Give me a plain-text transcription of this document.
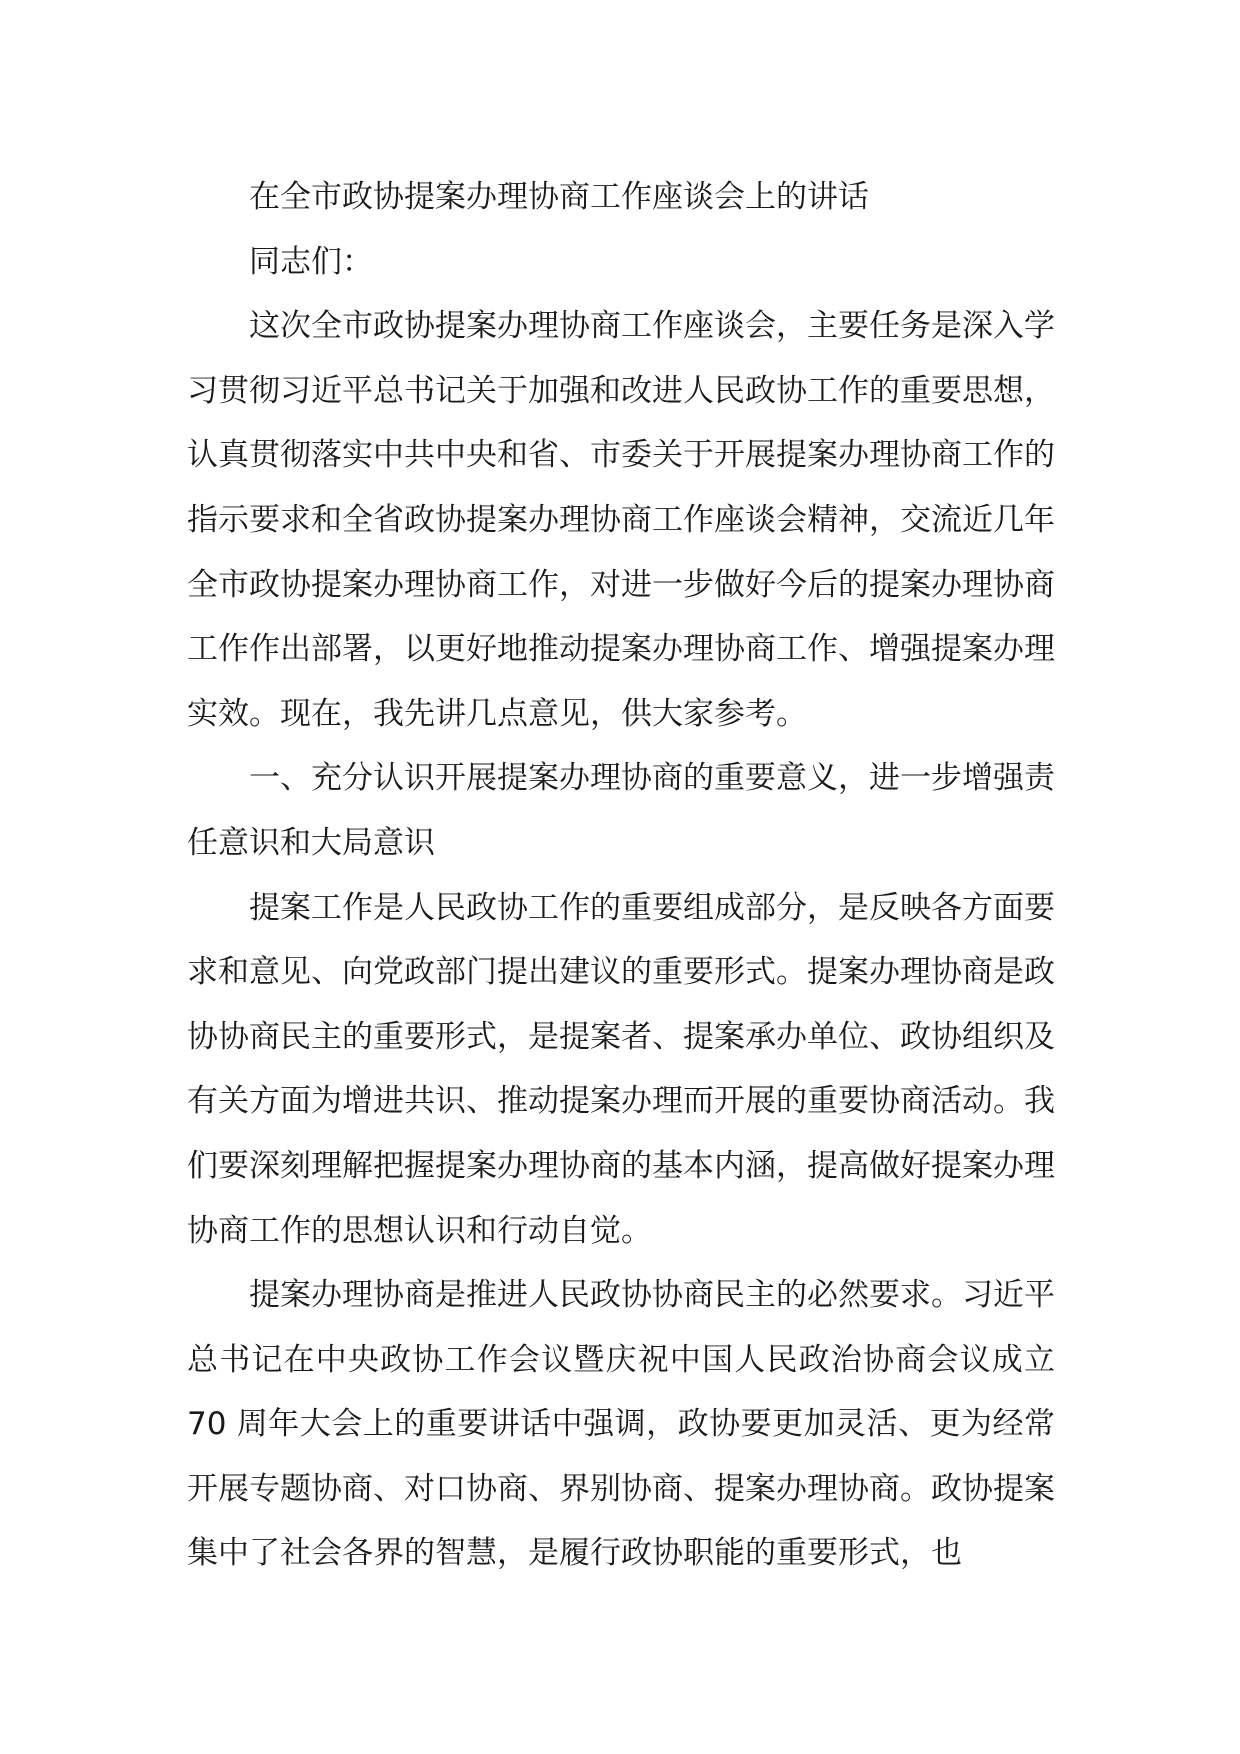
在全市政协提案办理协商工作座谈会上的讲话

同志们：

这次全市政协提案办理协商工作座谈会，主要任务是深入学习贯彻习近平总书记关于加强和改进人民政协工作的重要思想，认真贯彻落实中共中央和省、市委关于开展提案办理协商工作的指示要求和全省政协提案办理协商工作座谈会精神，交流近几年全市政协提案办理协商工作，对进一步做好今后的提案办理协商工作作出部署，以更好地推动提案办理协商工作、增强提案办理实效。现在，我先讲几点意见，供大家参考。

一、充分认识开展提案办理协商的重要意义，进一步增强责任意识和大局意识

提案工作是人民政协工作的重要组成部分，是反映各方面要求和意见、向党政部门提出建议的重要形式。提案办理协商是政协协商民主的重要形式，是提案者、提案承办单位、政协组织及有关方面为增进共识、推动提案办理而开展的重要协商活动。我们要深刻理解把握提案办理协商的基本内涵，提高做好提案办理协商工作的思想认识和行动自觉。

提案办理协商是推进人民政协协商民主的必然要求。习近平总书记在中央政协工作会议暨庆祝中国人民政治协商会议成立 70 周年大会上的重要讲话中强调，政协要更加灵活、更为经常开展专题协商、对口协商、界别协商、提案办理协商。政协提案集中了社会各界的智慧，是履行政协职能的重要形式，也
